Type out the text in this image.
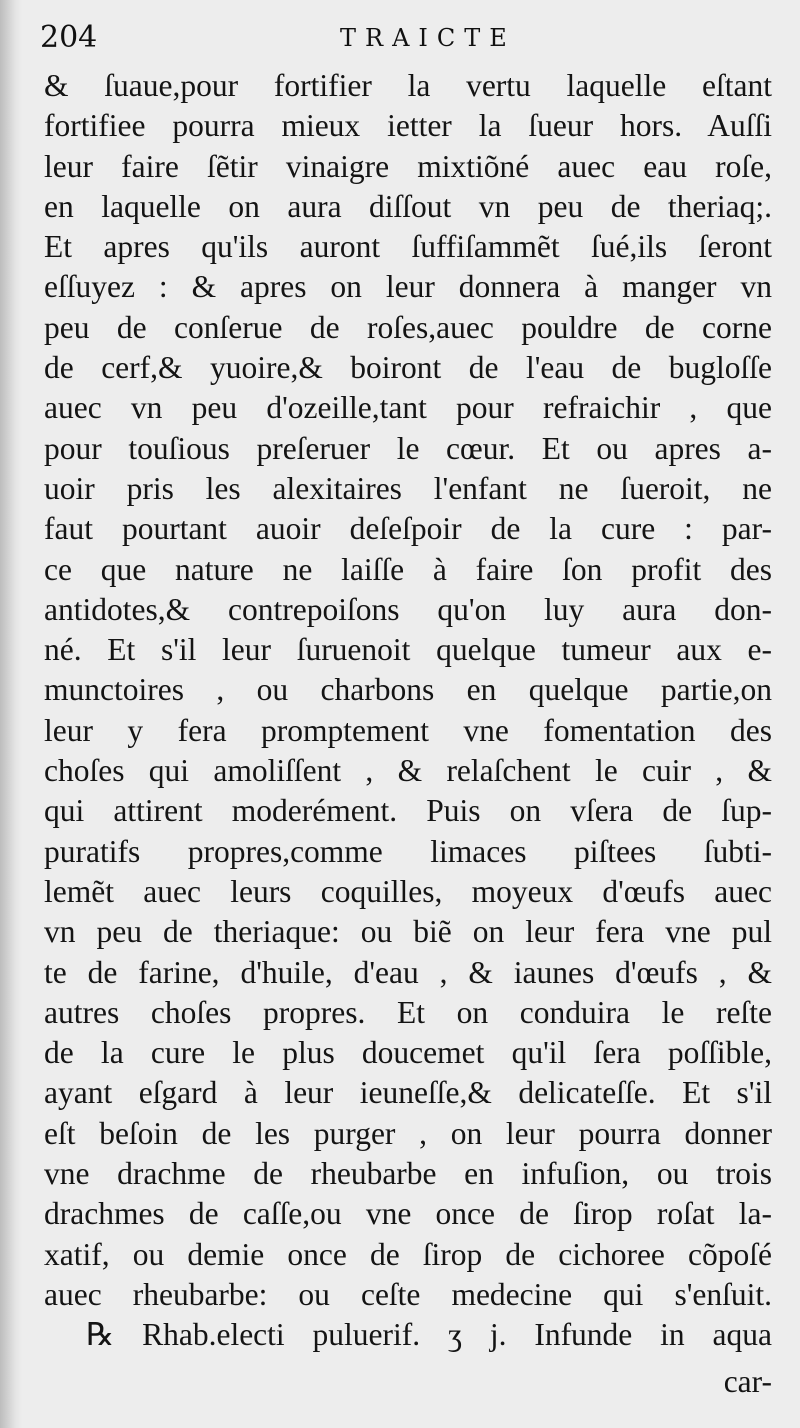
204	TRAICTE
& ſuaue,pour fortifier la vertu laquelle eſtant
fortifiee pourra mieux ietter la ſueur hors. Auſſi
leur faire ſẽtir vinaigre mixtiõné auec eau roſe,
en laquelle on aura diſſout vn peu de theriaq;.
Et apres qu'ils auront ſuffiſammẽt ſué,ils ſeront
eſſuyez : & apres on leur donnera à manger vn
peu de conſerue de roſes,auec pouldre de corne
de cerf,& yuoire,& boiront de l'eau de bugloſſe
auec vn peu d'ozeille,tant pour refraichir , que
pour touſious preſeruer le cœur. Et ou apres a-
uoir pris les alexitaires l'enfant ne ſueroit, ne
faut pourtant auoir deſeſpoir de la cure : par-
ce que nature ne laiſſe à faire ſon profit des
antidotes,& contrepoiſons qu'on luy aura don-
né. Et s'il leur ſuruenoit quelque tumeur aux e-
munctoires , ou charbons en quelque partie,on
leur y fera promptement vne fomentation des
choſes qui amoliſſent , & relaſchent le cuir , &
qui attirent moderément. Puis on vſera de ſup-
puratifs propres,comme limaces piſtees ſubti-
lemẽt auec leurs coquilles, moyeux d'œufs auec
vn peu de theriaque: ou biẽ on leur fera vne pul
te de farine, d'huile, d'eau , & iaunes d'œufs , &
autres choſes propres. Et on conduira le reſte
de la cure le plus doucemet qu'il ſera poſſible,
ayant eſgard à leur ieuneſſe,& delicateſſe. Et s'il
eſt beſoin de les purger , on leur pourra donner
vne drachme de rheubarbe en infuſion, ou trois
drachmes de caſſe,ou vne once de ſirop roſat la-
xatif, ou demie once de ſirop de cichoree cõpoſé
auec rheubarbe: ou ceſte medecine qui s'enſuit.
℞ Rhab.electi puluerif. ʒ j. Infunde in aqua
car-
